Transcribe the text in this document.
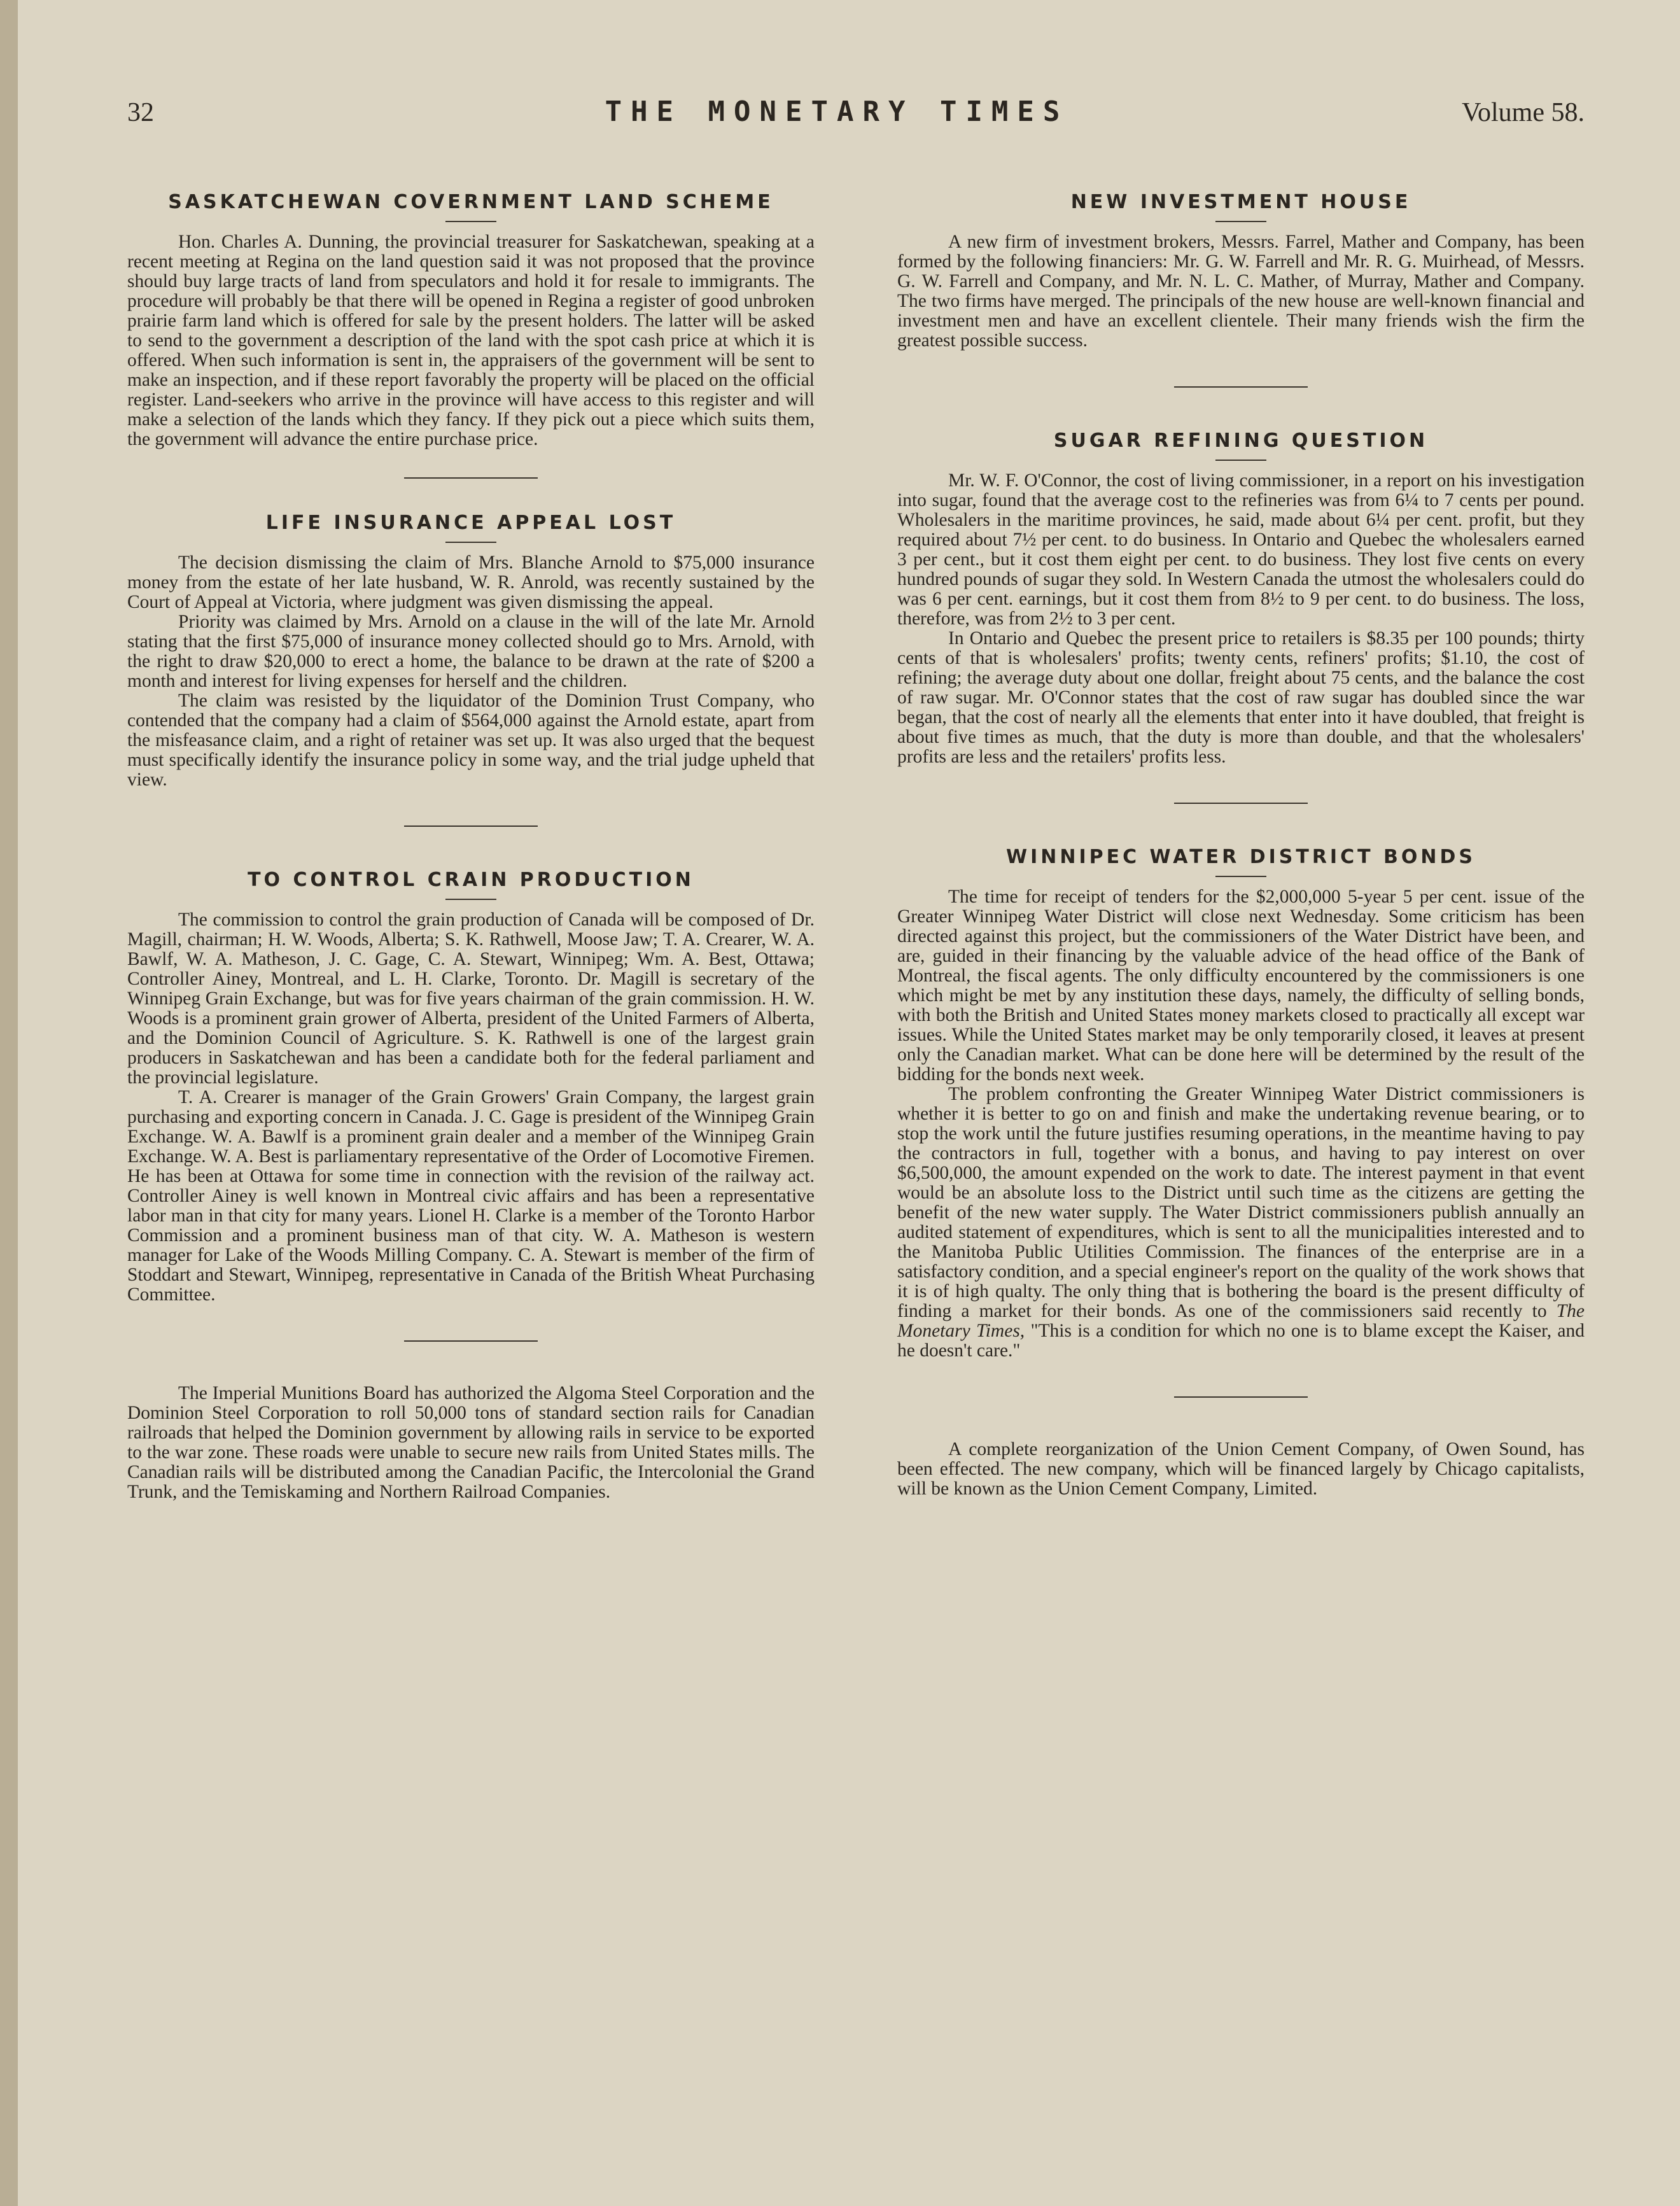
32	THE MONETARY TIMES	Volume 58.
SASKATCHEWAN COVERNMENT LAND SCHEME

Hon. Charles A. Dunning, the provincial treasurer for Saskatchewan, speaking at a recent meeting at Regina on the land question said it was not proposed that the province should buy large tracts of land from speculators and hold it for resale to immigrants. The procedure will probably be that there will be opened in Regina a register of good unbroken prairie farm land which is offered for sale by the present holders. The latter will be asked to send to the government a description of the land with the spot cash price at which it is offered. When such information is sent in, the appraisers of the government will be sent to make an inspection, and if these report favorably the property will be placed on the official register. Land-seekers who arrive in the province will have access to this register and will make a selection of the lands which they fancy. If they pick out a piece which suits them, the government will advance the entire purchase price.

LIFE INSURANCE APPEAL LOST

The decision dismissing the claim of Mrs. Blanche Arnold to $75,000 insurance money from the estate of her late husband, W. R. Anrold, was recently sustained by the Court of Appeal at Victoria, where judgment was given dismissing the appeal.

Priority was claimed by Mrs. Arnold on a clause in the will of the late Mr. Arnold stating that the first $75,000 of insurance money collected should go to Mrs. Arnold, with the right to draw $20,000 to erect a home, the balance to be drawn at the rate of $200 a month and interest for living expenses for herself and the children.

The claim was resisted by the liquidator of the Dominion Trust Company, who contended that the company had a claim of $564,000 against the Arnold estate, apart from the misfeasance claim, and a right of retainer was set up. It was also urged that the bequest must specifically identify the insurance policy in some way, and the trial judge upheld that view.

TO CONTROL CRAIN PRODUCTION

The commission to control the grain production of Canada will be composed of Dr. Magill, chairman; H. W. Woods, Alberta; S. K. Rathwell, Moose Jaw; T. A. Crearer, W. A. Bawlf, W. A. Matheson, J. C. Gage, C. A. Stewart, Winnipeg; Wm. A. Best, Ottawa; Controller Ainey, Montreal, and L. H. Clarke, Toronto. Dr. Magill is secretary of the Winnipeg Grain Exchange, but was for five years chairman of the grain commission. H. W. Woods is a prominent grain grower of Alberta, president of the United Farmers of Alberta, and the Dominion Council of Agriculture. S. K. Rathwell is one of the largest grain producers in Saskatchewan and has been a candidate both for the federal parliament and the provincial legislature.

T. A. Crearer is manager of the Grain Growers' Grain Company, the largest grain purchasing and exporting concern in Canada. J. C. Gage is president of the Winnipeg Grain Exchange. W. A. Bawlf is a prominent grain dealer and a member of the Winnipeg Grain Exchange. W. A. Best is parliamentary representative of the Order of Locomotive Firemen. He has been at Ottawa for some time in connection with the revision of the railway act. Controller Ainey is well known in Montreal civic affairs and has been a representative labor man in that city for many years. Lionel H. Clarke is a member of the Toronto Harbor Commission and a prominent business man of that city. W. A. Matheson is western manager for Lake of the Woods Milling Company. C. A. Stewart is member of the firm of Stoddart and Stewart, Winnipeg, representative in Canada of the British Wheat Purchasing Committee.

The Imperial Munitions Board has authorized the Algoma Steel Corporation and the Dominion Steel Corporation to roll 50,000 tons of standard section rails for Canadian railroads that helped the Dominion government by allowing rails in service to be exported to the war zone. These roads were unable to secure new rails from United States mills. The Canadian rails will be distributed among the Canadian Pacific, the Intercolonial the Grand Trunk, and the Temiskaming and Northern Railroad Companies.

NEW INVESTMENT HOUSE

A new firm of investment brokers, Messrs. Farrel, Mather and Company, has been formed by the following financiers: Mr. G. W. Farrell and Mr. R. G. Muirhead, of Messrs. G. W. Farrell and Company, and Mr. N. L. C. Mather, of Murray, Mather and Company. The two firms have merged. The principals of the new house are well-known financial and investment men and have an excellent clientele. Their many friends wish the firm the greatest possible success.

SUGAR REFINING QUESTION

Mr. W. F. O'Connor, the cost of living commissioner, in a report on his investigation into sugar, found that the average cost to the refineries was from 6¼ to 7 cents per pound. Wholesalers in the maritime provinces, he said, made about 6¼ per cent. profit, but they required about 7½ per cent. to do business. In Ontario and Quebec the wholesalers earned 3 per cent., but it cost them eight per cent. to do business. They lost five cents on every hundred pounds of sugar they sold. In Western Canada the utmost the wholesalers could do was 6 per cent. earnings, but it cost them from 8½ to 9 per cent. to do business. The loss, therefore, was from 2½ to 3 per cent.

In Ontario and Quebec the present price to retailers is $8.35 per 100 pounds; thirty cents of that is wholesalers' profits; twenty cents, refiners' profits; $1.10, the cost of refining; the average duty about one dollar, freight about 75 cents, and the balance the cost of raw sugar. Mr. O'Connor states that the cost of raw sugar has doubled since the war began, that the cost of nearly all the elements that enter into it have doubled, that freight is about five times as much, that the duty is more than double, and that the wholesalers' profits are less and the retailers' profits less.

WINNIPEC WATER DISTRICT BONDS

The time for receipt of tenders for the $2,000,000 5-year 5 per cent. issue of the Greater Winnipeg Water District will close next Wednesday. Some criticism has been directed against this project, but the commissioners of the Water District have been, and are, guided in their financing by the valuable advice of the head office of the Bank of Montreal, the fiscal agents. The only difficulty encountered by the commissioners is one which might be met by any institution these days, namely, the difficulty of selling bonds, with both the British and United States money markets closed to practically all except war issues. While the United States market may be only temporarily closed, it leaves at present only the Canadian market. What can be done here will be determined by the result of the bidding for the bonds next week.

The problem confronting the Greater Winnipeg Water District commissioners is whether it is better to go on and finish and make the undertaking revenue bearing, or to stop the work until the future justifies resuming operations, in the meantime having to pay the contractors in full, together with a bonus, and having to pay interest on over $6,500,000, the amount expended on the work to date. The interest payment in that event would be an absolute loss to the District until such time as the citizens are getting the benefit of the new water supply. The Water District commissioners publish annually an audited statement of expenditures, which is sent to all the municipalities interested and to the Manitoba Public Utilities Commission. The finances of the enterprise are in a satisfactory condition, and a special engineer's report on the quality of the work shows that it is of high qualty. The only thing that is bothering the board is the present difficulty of finding a market for their bonds. As one of the commissioners said recently to The Monetary Times, "This is a condition for which no one is to blame except the Kaiser, and he doesn't care."

A complete reorganization of the Union Cement Company, of Owen Sound, has been effected. The new company, which will be financed largely by Chicago capitalists, will be known as the Union Cement Company, Limited.
